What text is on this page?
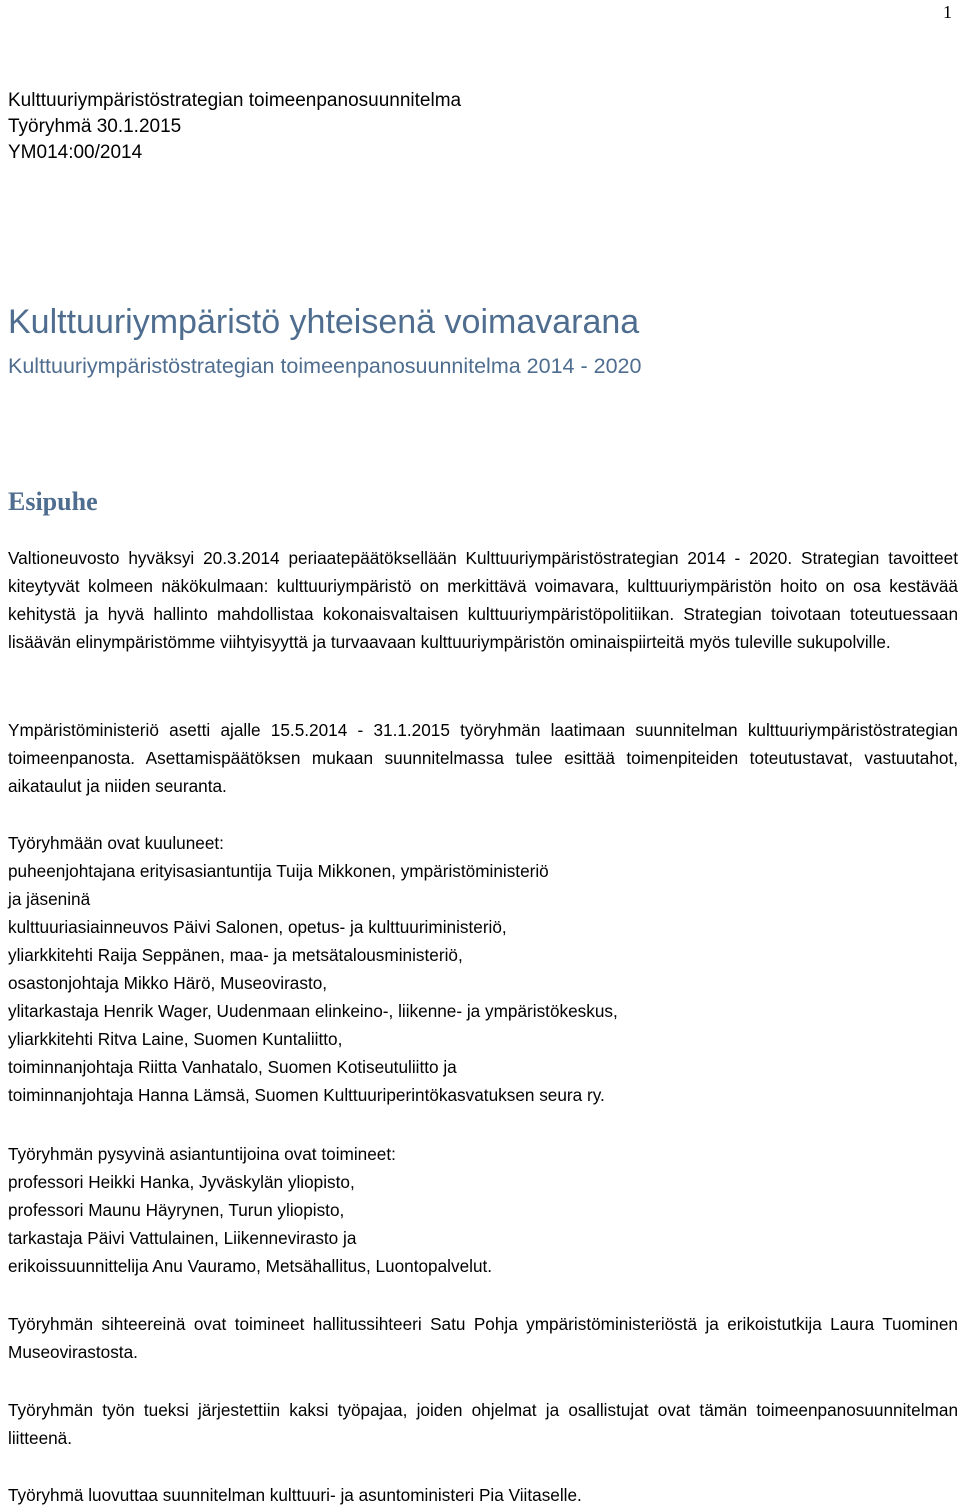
1
Kulttuuriympäristöstrategian toimeenpanosuunnitelma
Työryhmä 30.1.2015
YM014:00/2014
Kulttuuriympäristö yhteisenä voimavarana
Kulttuuriympäristöstrategian toimeenpanosuunnitelma 2014 - 2020
Esipuhe

Valtioneuvosto hyväksyi 20.3.2014 periaatepäätöksellään Kulttuuriympäristöstrategian 2014 - 2020. Strategian tavoitteet kiteytyvät kolmeen näkökulmaan: kulttuuriympäristö on merkittävä voimavara, kulttuuriympäristön hoito on osa kestävää kehitystä ja hyvä hallinto mahdollistaa kokonaisvaltaisen kulttuuriympäristöpolitiikan. Strategian toivotaan toteutuessaan lisäävän elinympäristömme viihtyisyyttä ja turvaavaan kulttuuriympäristön ominaispiirteitä myös tuleville sukupolville.

Ympäristöministeriö asetti ajalle 15.5.2014 - 31.1.2015 työryhmän laatimaan suunnitelman kulttuuriympäristöstrategian toimeenpanosta. Asettamispäätöksen mukaan suunnitelmassa tulee esittää toimenpiteiden toteutustavat, vastuutahot, aikataulut ja niiden seuranta.

Työryhmään ovat kuuluneet:
puheenjohtajana erityisasiantuntija Tuija Mikkonen, ympäristöministeriö
ja jäseninä
kulttuuriasiainneuvos Päivi Salonen, opetus- ja kulttuuriministeriö,
yliarkkitehti Raija Seppänen, maa- ja metsätalousministeriö,
osastonjohtaja Mikko Härö, Museovirasto,
ylitarkastaja Henrik Wager, Uudenmaan elinkeino-, liikenne- ja ympäristökeskus,
yliarkkitehti Ritva Laine, Suomen Kuntaliitto,
toiminnanjohtaja Riitta Vanhatalo, Suomen Kotiseutuliitto ja
toiminnanjohtaja Hanna Lämsä, Suomen Kulttuuriperintökasvatuksen seura ry.
Työryhmän pysyvinä asiantuntijoina ovat toimineet:
professori Heikki Hanka, Jyväskylän yliopisto,
professori Maunu Häyrynen, Turun yliopisto,
tarkastaja Päivi Vattulainen, Liikennevirasto ja
erikoissuunnittelija Anu Vauramo, Metsähallitus, Luontopalvelut.

Työryhmän sihteereinä ovat toimineet hallitussihteeri Satu Pohja ympäristöministeriöstä ja erikoistutkija Laura Tuominen Museovirastosta.

Työryhmän työn tueksi järjestettiin kaksi työpajaa, joiden ohjelmat ja osallistujat ovat tämän toimeenpanosuunnitelman liitteenä.

Työryhmä luovuttaa suunnitelman kulttuuri- ja asuntoministeri Pia Viitaselle.
